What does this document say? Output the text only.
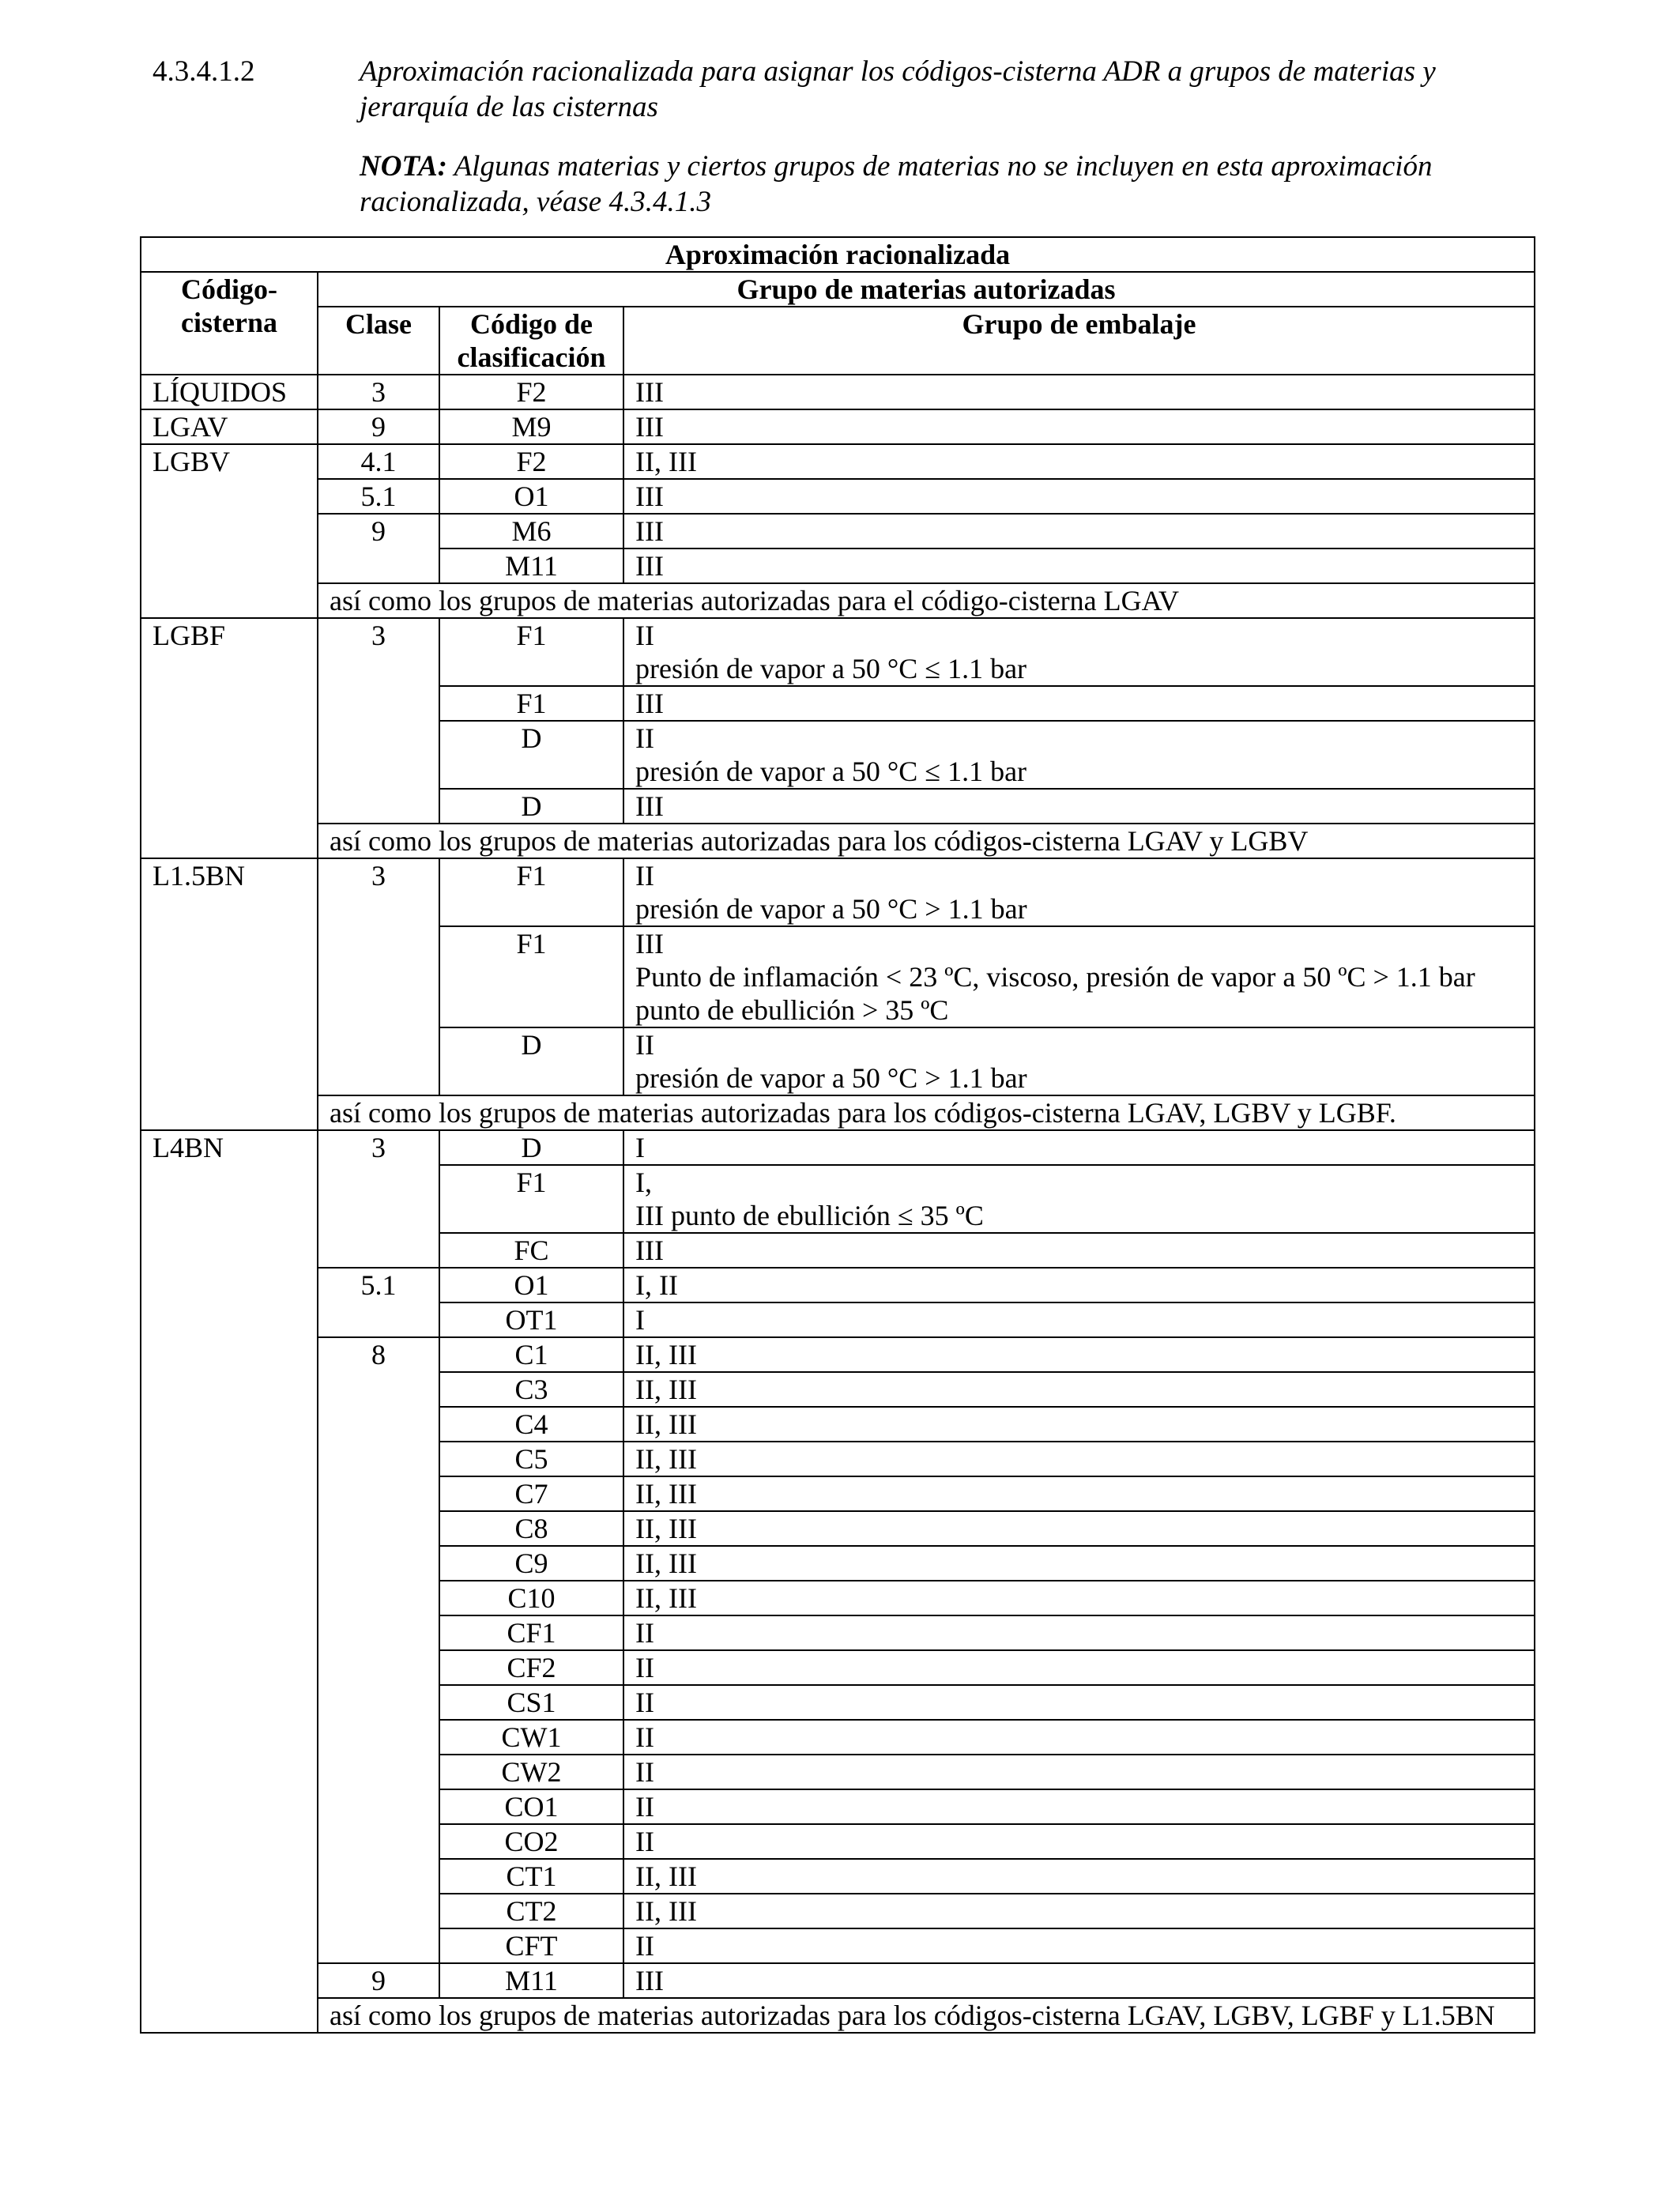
4.3.4.1.2	Aproximación racionalizada para asignar los códigos-cisterna ADR a grupos de materias y
jerarquía de las cisternas
NOTA: Algunas materias y ciertos grupos de materias no se incluyen en esta aproximación
racionalizada, véase 4.3.4.1.3
Aproximación racionalizada			

Código-
cisterna	Grupo de materias autorizadas		
	Clase	Código de
clasificación	Grupo de embalaje
LÍQUIDOS	3	F2	III
LGAV	9	M9	III
LGBV	4.1	F2	II, III
	5.1	O1	III
	9	M6	III
		M11	III
	así como los grupos de materias autorizadas para el código-cisterna LGAV		
LGBF	3	F1	II
presión de vapor a 50 °C ≤ 1.1 bar

		F1	III
		D	II
presión de vapor a 50 °C ≤ 1.1 bar

		D	III
	así como los grupos de materias autorizadas para los códigos-cisterna LGAV y LGBV		
L1.5BN	3	F1	II
presión de vapor a 50 °C > 1.1 bar

		F1	III
Punto de inflamación < 23 ºC, viscoso, presión de vapor a 50 ºC > 1.1 bar
punto de ebullición > 35 ºC

		D	II
presión de vapor a 50 °C > 1.1 bar

	así como los grupos de materias autorizadas para los códigos-cisterna LGAV, LGBV y LGBF.		
L4BN	3	D	I
		F1	I,
III punto de ebullición ≤ 35 ºC

		FC	III
	5.1	O1	I, II
		OT1	I
	8	C1	II, III
		C3	II, III
		C4	II, III
		C5	II, III
		C7	II, III
		C8	II, III
		C9	II, III
		C10	II, III
		CF1	II
		CF2	II
		CS1	II
		CW1	II
		CW2	II
		CO1	II
		CO2	II
		CT1	II, III
		CT2	II, III
		CFT	II
	9	M11	III
	así como los grupos de materias autorizadas para los códigos-cisterna LGAV, LGBV, LGBF y L1.5BN		
